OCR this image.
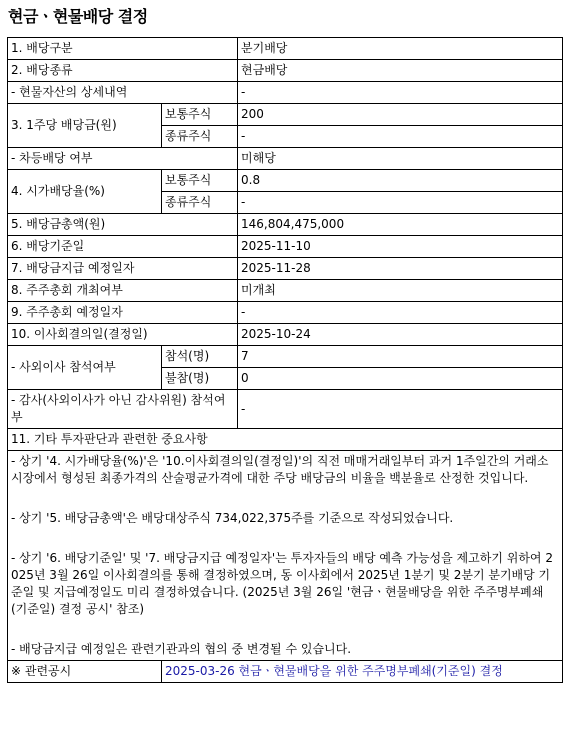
현금ㆍ현물배당 결정
1. 배당구분		분기배당
2. 배당종류		현금배당
- 현물자산의 상세내역		-
3. 1주당 배당금(원)	보통주식	200
	종류주식	-
- 차등배당 여부		미해당
4. 시가배당율(%)	보통주식	0.8
	종류주식	-
5. 배당금총액(원)		146,804,475,000
6. 배당기준일		2025-11-10
7. 배당금지급 예정일자		2025-11-28
8. 주주총회 개최여부		미개최
9. 주주총회 예정일자		-
10. 이사회결의일(결정일)		2025-10-24
- 사외이사 참석여부	참석(명)	7
	불참(명)	0
- 감사(사외이사가 아닌 감사위원) 참석여부		-
11. 기타 투자판단과 관련한 중요사항		

- 상기 '4. 시가배당율(%)'은 '10.이사회결의일(결정일)'의 직전 매매거래일부터 과거 1주일간의 거래소시장에서 형성된 최종가격의 산술평균가격에 대한 주당 배당금의 비율을 백분율로 산정한 것입니다.
- 상기 '5. 배당금총액'은 배당대상주식 734,022,375주를 기준으로 작성되었습니다.
- 상기 '6. 배당기준일' 및 '7. 배당금지급 예정일자'는 투자자들의 배당 예측 가능성을 제고하기 위하여 2025년 3월 26일 이사회결의를 통해 결정하였으며, 동 이사회에서 2025년 1분기 및 2분기 분기배당 기준일 및 지급예정일도 미리 결정하였습니다. (2025년 3월 26일 '현금ㆍ현물배당을 위한 주주명부폐쇄(기준일) 결정 공시' 참조)
- 배당금지급 예정일은 관련기관과의 협의 중 변경될 수 있습니다.		

※ 관련공시	2025-03-26 현금ㆍ현물배당을 위한 주주명부폐쇄(기준일) 결정	
